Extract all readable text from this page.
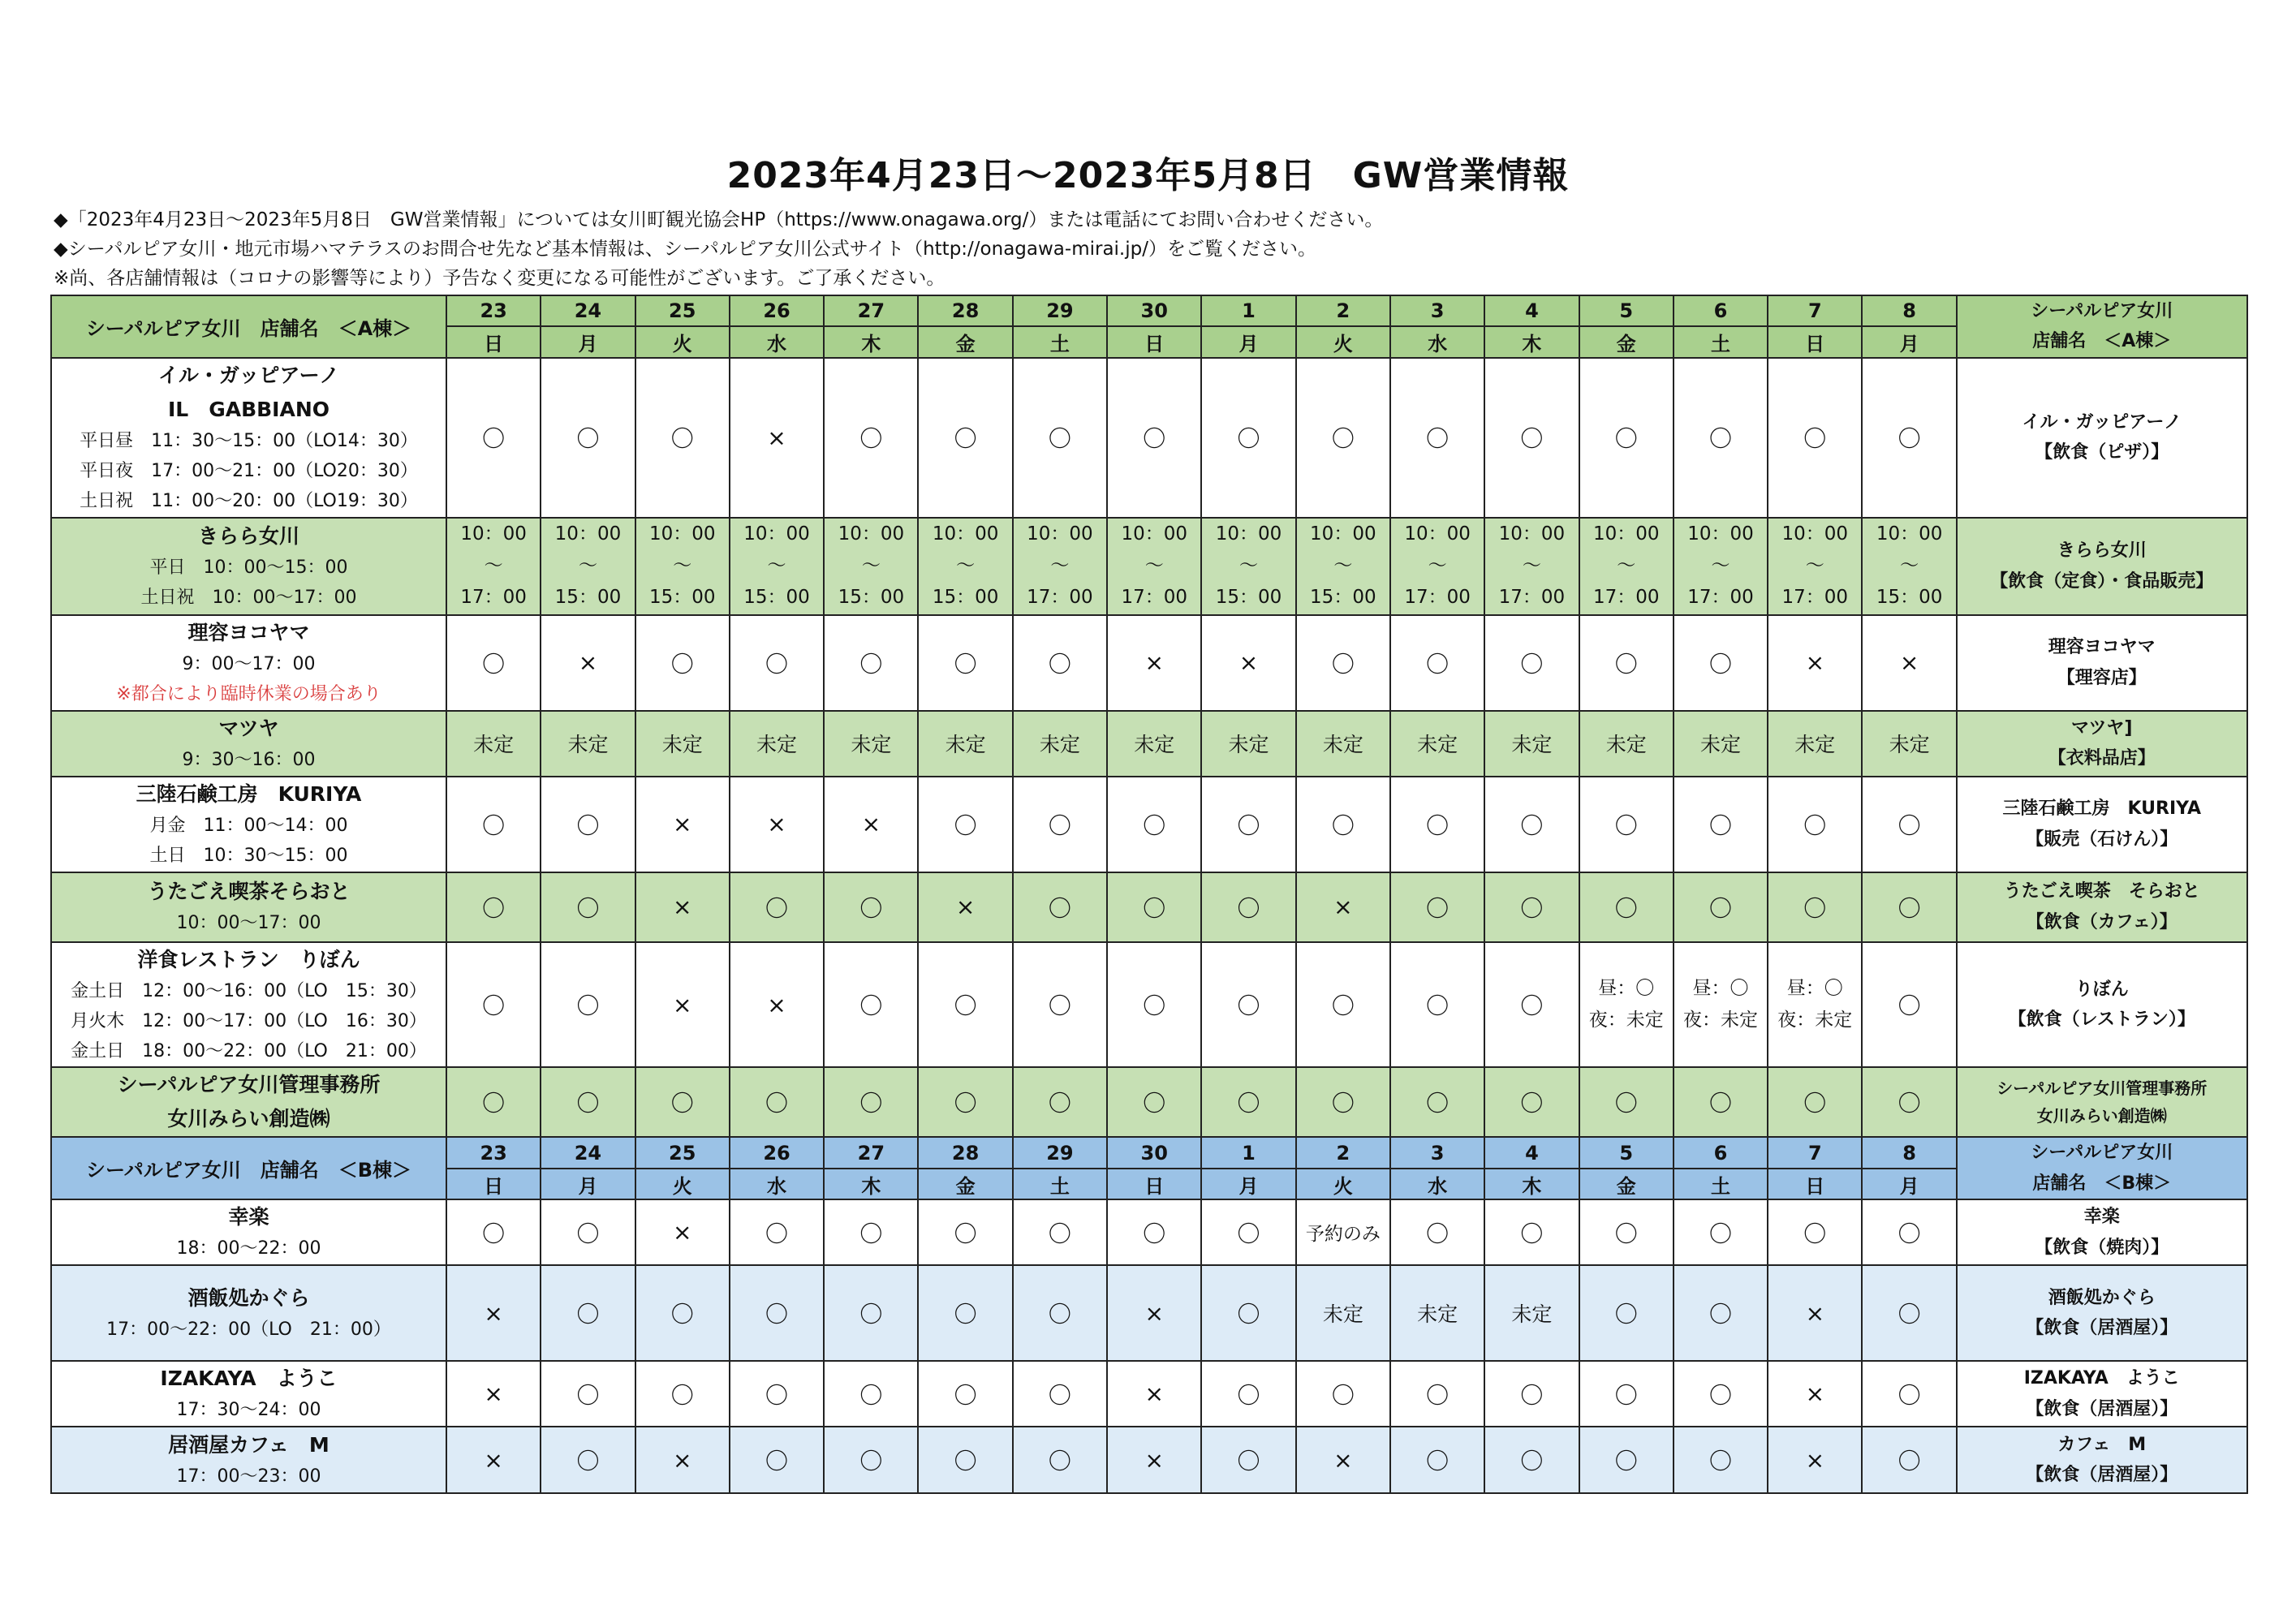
2023年4月23日～2023年5月8日　GW営業情報
◆「2023年4月23日～2023年5月8日　GW営業情報」については女川町観光協会HP（https://www.onagawa.org/）または電話にてお問い合わせください。
◆シーパルピア女川・地元市場ハマテラスのお問合せ先など基本情報は、シーパルピア女川公式サイト（http://onagawa-mirai.jp/）をご覧ください。
※尚、各店舗情報は（コロナの影響等により）予告なく変更になる可能性がございます。ご了承ください。
シーパルピア女川　店舗名　＜A棟＞	23	24	25	26	27	28	29	30	1	2	3	4	5	6	7	8	シーパルピア女川
店舗名　＜A棟＞

	日	月	火	水	木	金	土	日	月	火	水	木	金	土	日	月	

イル・ガッピアーノ
IL　GABBIANO
平日昼　11：30～15：00（LO14：30）
平日夜　17：00～21：00（LO20：30）
土日祝　11：00～20：00（LO19：30）	〇	〇	〇	×	〇	〇	〇	〇	〇	〇	〇	〇	〇	〇	〇	〇	イル・ガッピアーノ
【飲食（ピザ）】

きらら女川
平日　10：00～15：00
土日祝　10：00～17：00	10：00
～
17：00	10：00
～
15：00	10：00
～
15：00	10：00
～
15：00	10：00
～
15：00	10：00
～
15：00	10：00
～
17：00	10：00
～
17：00	10：00
～
15：00	10：00
～
15：00	10：00
～
17：00	10：00
～
17：00	10：00
～
17：00	10：00
～
17：00	10：00
～
17：00	10：00
～
15：00	きらら女川
【飲食（定食）・食品販売】

理容ヨコヤマ
9：00～17：00
※都合により臨時休業の場合あり	〇	×	〇	〇	〇	〇	〇	×	×	〇	〇	〇	〇	〇	×	×	理容ヨコヤマ
【理容店】

マツヤ
9：30～16：00	未定	未定	未定	未定	未定	未定	未定	未定	未定	未定	未定	未定	未定	未定	未定	未定	マツヤ]
【衣料品店】

三陸石鹸工房　KURIYA
月金　11：00～14：00
土日　10：30～15：00	〇	〇	×	×	×	〇	〇	〇	〇	〇	〇	〇	〇	〇	〇	〇	三陸石鹸工房　KURIYA
【販売（石けん）】

うたごえ喫茶そらおと
10：00～17：00	〇	〇	×	〇	〇	×	〇	〇	〇	×	〇	〇	〇	〇	〇	〇	うたごえ喫茶　そらおと
【飲食（カフェ）】

洋食レストラン　りぼん
金土日　12：00～16：00（LO　15：30）
月火木　12：00～17：00（LO　16：30）
金土日　18：00～22：00（LO　21：00）	〇	〇	×	×	〇	〇	〇	〇	〇	〇	〇	〇	昼：〇
夜：未定	昼：〇
夜：未定	昼：〇
夜：未定	〇	りぼん
【飲食（レストラン）】

シーパルピア女川管理事務所
女川みらい創造㈱	〇	〇	〇	〇	〇	〇	〇	〇	〇	〇	〇	〇	〇	〇	〇	〇	シーパルピア女川管理事務所
女川みらい創造㈱

シーパルピア女川　店舗名　＜B棟＞	23	24	25	26	27	28	29	30	1	2	3	4	5	6	7	8	シーパルピア女川
店舗名　＜B棟＞

	日	月	火	水	木	金	土	日	月	火	水	木	金	土	日	月	

幸楽
18：00～22：00	〇	〇	×	〇	〇	〇	〇	〇	〇	予約のみ	〇	〇	〇	〇	〇	〇	幸楽
【飲食（焼肉）】

酒飯処かぐら
17：00～22：00（LO　21：00）	×	〇	〇	〇	〇	〇	〇	×	〇	未定	未定	未定	〇	〇	×	〇	酒飯処かぐら
【飲食（居酒屋）】

IZAKAYA　ようこ
17：30～24：00	×	〇	〇	〇	〇	〇	〇	×	〇	〇	〇	〇	〇	〇	×	〇	IZAKAYA　ようこ
【飲食（居酒屋）】

居酒屋カフェ　M
17：00～23：00	×	〇	×	〇	〇	〇	〇	×	〇	×	〇	〇	〇	〇	×	〇	カフェ　M
【飲食（居酒屋）】
